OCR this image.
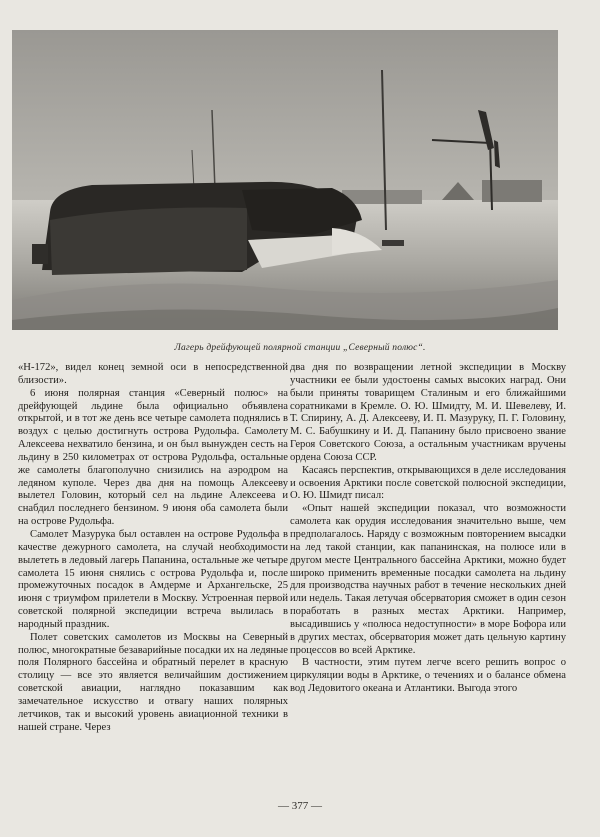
Лагерь дрейфующей полярной станции „Северный полюс“.

«Н-172», видел конец земной оси в непосредственной близости».

6 июня полярная станция «Северный полюс» на дрейфующей льдине была официально объявлена открытой, и в тот же день все четыре самолета поднялись в воздух с целью достигнуть острова Рудольфа. Самолету Алексеева нехватило бензина, и он был вынужден сесть на льдину в 250 километрах от острова Рудольфа, остальные же самолеты благополучно снизились на аэродром на ледяном куполе. Через два дня на помощь Алексееву вылетел Головин, который сел на льдине Алексеева и снабдил последнего бензином. 9 июня оба самолета были на острове Рудольфа.

Самолет Мазурука был оставлен на острове Рудольфа в качестве дежурного самолета, на случай необходимости вылететь в ледовый лагерь Папанина, остальные же четыре самолета 15 июня снялись с острова Рудольфа и, после промежуточных посадок в Амдерме и Архангельске, 25 июня с триумфом прилетели в Москву. Устроенная первой советской полярной экспедиции встреча вылилась в народный праздник.

Полет советских самолетов из Москвы на Северный полюс, многократные безаварийные посадки их на ледяные поля Полярного бассейна и обратный перелет в красную столицу — все это является величайшим достижением советской авиации, наглядно показавшим как замечательное искусство и отвагу наших полярных летчиков, так и высокий уровень авиационной техники в нашей стране. Через

два дня по возвращении летной экспедиции в Москву участники ее были удостоены самых высоких наград. Они были приняты товарищем Сталиным и его ближайшими соратниками в Кремле. О. Ю. Шмидту, М. И. Шевелеву, И. Т. Спирину, А. Д. Алексееву, И. П. Мазуруку, П. Г. Головину, М. С. Бабушкину и И. Д. Папанину было присвоено звание Героя Советского Союза, а остальным участникам вручены ордена Союза ССР.

Касаясь перспектив, открывающихся в деле исследования и освоения Арктики после советской полюсной экспедиции, О. Ю. Шмидт писал:

«Опыт нашей экспедиции показал, что возможности самолета как орудия исследования значительно выше, чем предполагалось. Наряду с возможным повторением высадки на лед такой станции, как папанинская, на полюсе или в другом месте Центрального бассейна Арктики, можно будет широко применить временные посадки самолета на льдину для производства научных работ в течение нескольких дней или недель. Такая летучая обсерватория сможет в один сезон поработать в разных местах Арктики. Например, высадившись у «полюса недоступности» в море Бофора или в других местах, обсерватория может дать цельную картину процессов во всей Арктике.

В частности, этим путем легче всего решить вопрос о циркуляции воды в Арктике, о течениях и о балансе обмена вод Ледовитого океана и Атлантики. Выгода этого

— 377 —
